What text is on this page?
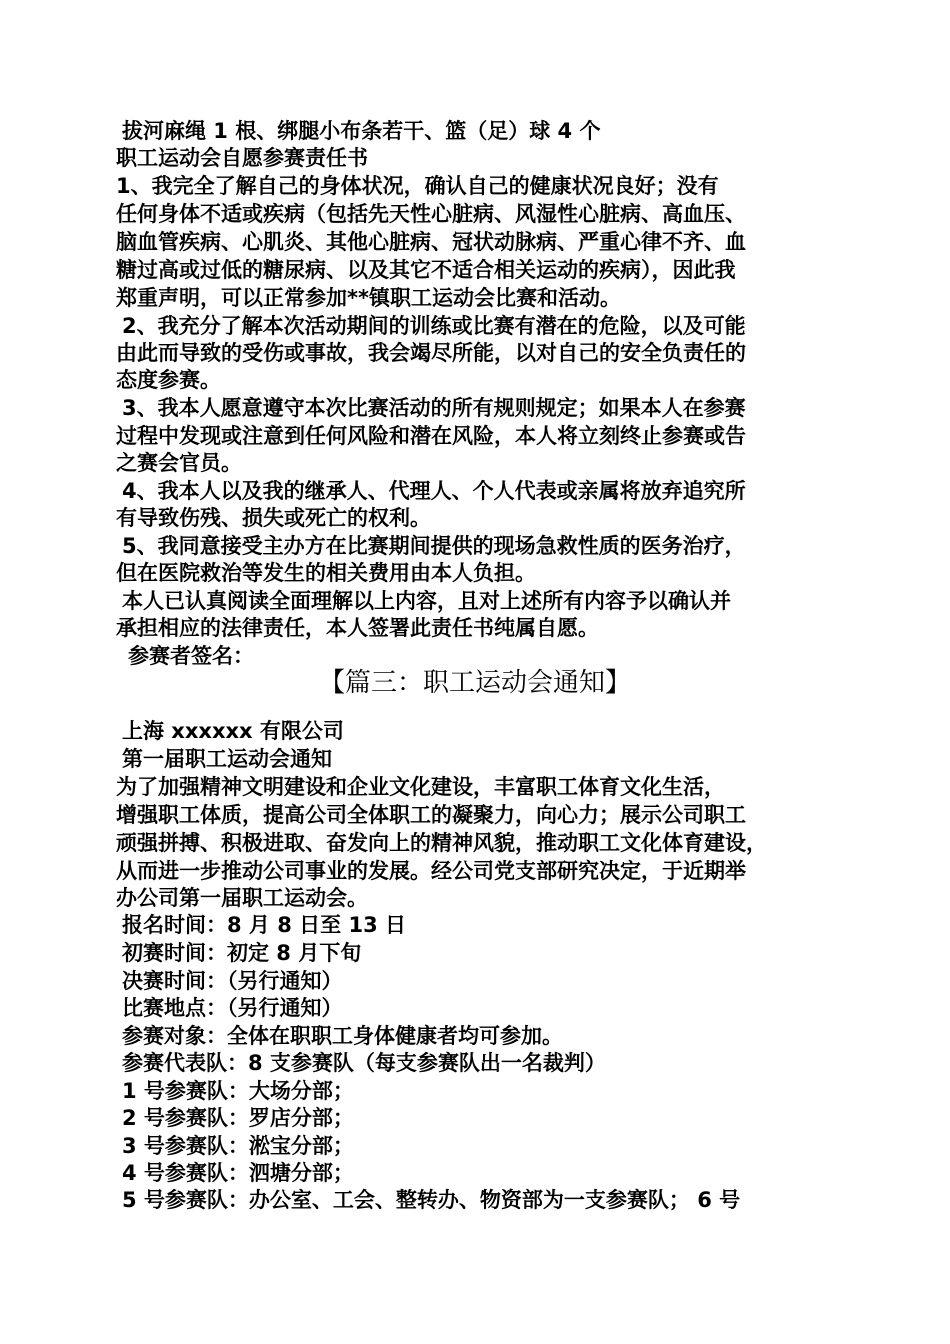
拔河麻绳 1 根、绑腿小布条若干、篮（足）球 4 个
职工运动会自愿参赛责任书
1、我完全了解自己的身体状况，确认自己的健康状况良好；没有
任何身体不适或疾病（包括先天性心脏病、风湿性心脏病、高血压、
脑血管疾病、心肌炎、其他心脏病、冠状动脉病、严重心律不齐、血
糖过高或过低的糖尿病、以及其它不适合相关运动的疾病），因此我
郑重声明，可以正常参加**镇职工运动会比赛和活动。
2、我充分了解本次活动期间的训练或比赛有潜在的危险，以及可能
由此而导致的受伤或事故，我会竭尽所能，以对自己的安全负责任的
态度参赛。
3、我本人愿意遵守本次比赛活动的所有规则规定；如果本人在参赛
过程中发现或注意到任何风险和潜在风险，本人将立刻终止参赛或告
之赛会官员。
4、我本人以及我的继承人、代理人、个人代表或亲属将放弃追究所
有导致伤残、损失或死亡的权利。
5、我同意接受主办方在比赛期间提供的现场急救性质的医务治疗，
但在医院救治等发生的相关费用由本人负担。
本人已认真阅读全面理解以上内容，且对上述所有内容予以确认并
承担相应的法律责任，本人签署此责任书纯属自愿。
参赛者签名：
【篇三：职工运动会通知】
上海 xxxxxx 有限公司
第一届职工运动会通知
为了加强精神文明建设和企业文化建设，丰富职工体育文化生活，
增强职工体质，提高公司全体职工的凝聚力，向心力；展示公司职工
顽强拼搏、积极进取、奋发向上的精神风貌，推动职工文化体育建设，
从而进一步推动公司事业的发展。经公司党支部研究决定，于近期举
办公司第一届职工运动会。
报名时间：8 月 8 日至 13 日
初赛时间：初定 8 月下旬
决赛时间：（另行通知）
比赛地点：（另行通知）
参赛对象：全体在职职工身体健康者均可参加。
参赛代表队：8 支参赛队（每支参赛队出一名裁判）
1 号参赛队：大场分部；
2 号参赛队：罗店分部；
3 号参赛队：淞宝分部；
4 号参赛队：泗塘分部；
5 号参赛队：办公室、工会、整转办、物资部为一支参赛队； 6 号
